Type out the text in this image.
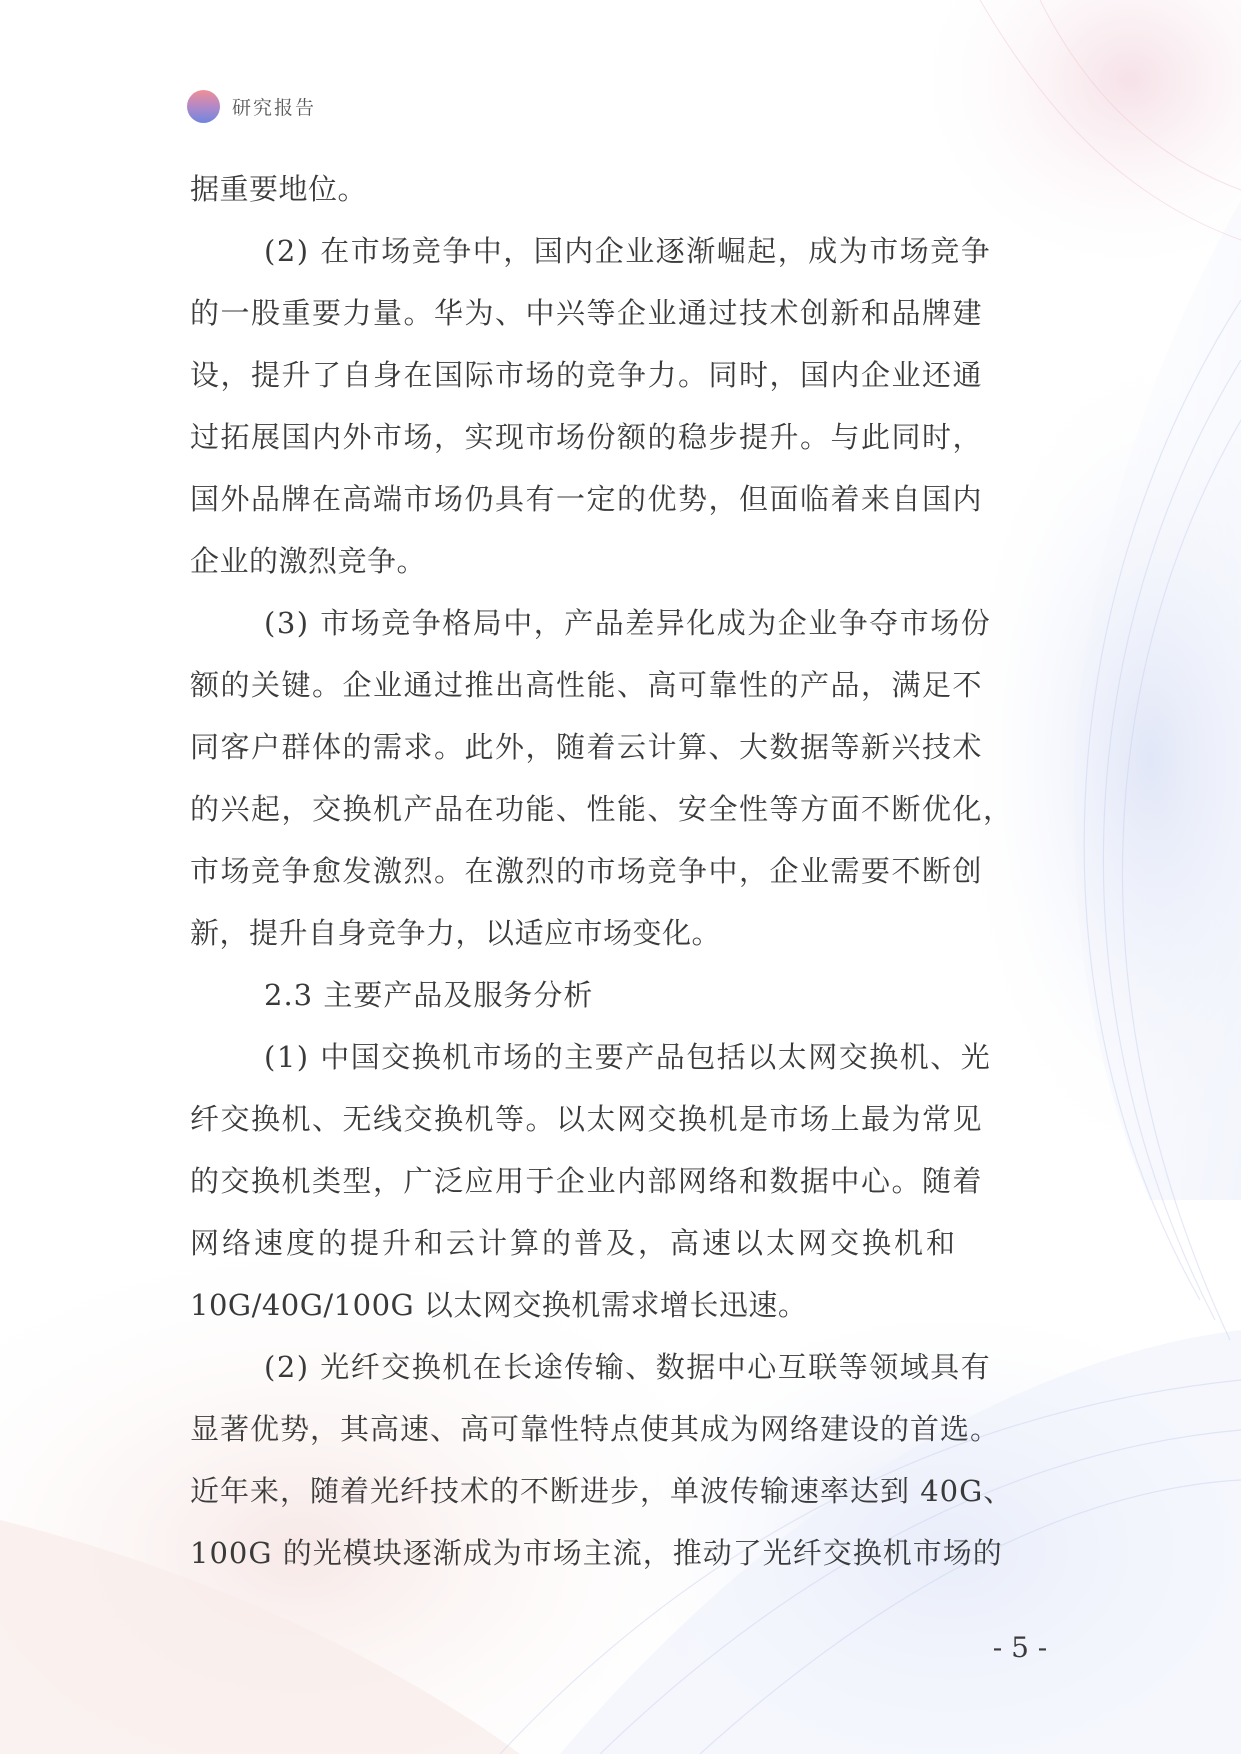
研究报告
据重要地位。
(2) 在市场竞争中，国内企业逐渐崛起，成为市场竞争
的一股重要力量。华为、中兴等企业通过技术创新和品牌建
设，提升了自身在国际市场的竞争力。同时，国内企业还通
过拓展国内外市场，实现市场份额的稳步提升。与此同时，
国外品牌在高端市场仍具有一定的优势，但面临着来自国内
企业的激烈竞争。
(3) 市场竞争格局中，产品差异化成为企业争夺市场份
额的关键。企业通过推出高性能、高可靠性的产品，满足不
同客户群体的需求。此外，随着云计算、大数据等新兴技术
的兴起，交换机产品在功能、性能、安全性等方面不断优化，
市场竞争愈发激烈。在激烈的市场竞争中，企业需要不断创
新，提升自身竞争力，以适应市场变化。
2.3 主要产品及服务分析
(1) 中国交换机市场的主要产品包括以太网交换机、光
纤交换机、无线交换机等。以太网交换机是市场上最为常见
的交换机类型，广泛应用于企业内部网络和数据中心。随着
网络速度的提升和云计算的普及，高速以太网交换机和
10G/40G/100G 以太网交换机需求增长迅速。
(2) 光纤交换机在长途传输、数据中心互联等领域具有
显著优势，其高速、高可靠性特点使其成为网络建设的首选。
近年来，随着光纤技术的不断进步，单波传输速率达到 40G、
100G 的光模块逐渐成为市场主流，推动了光纤交换机市场的
- 5 -
